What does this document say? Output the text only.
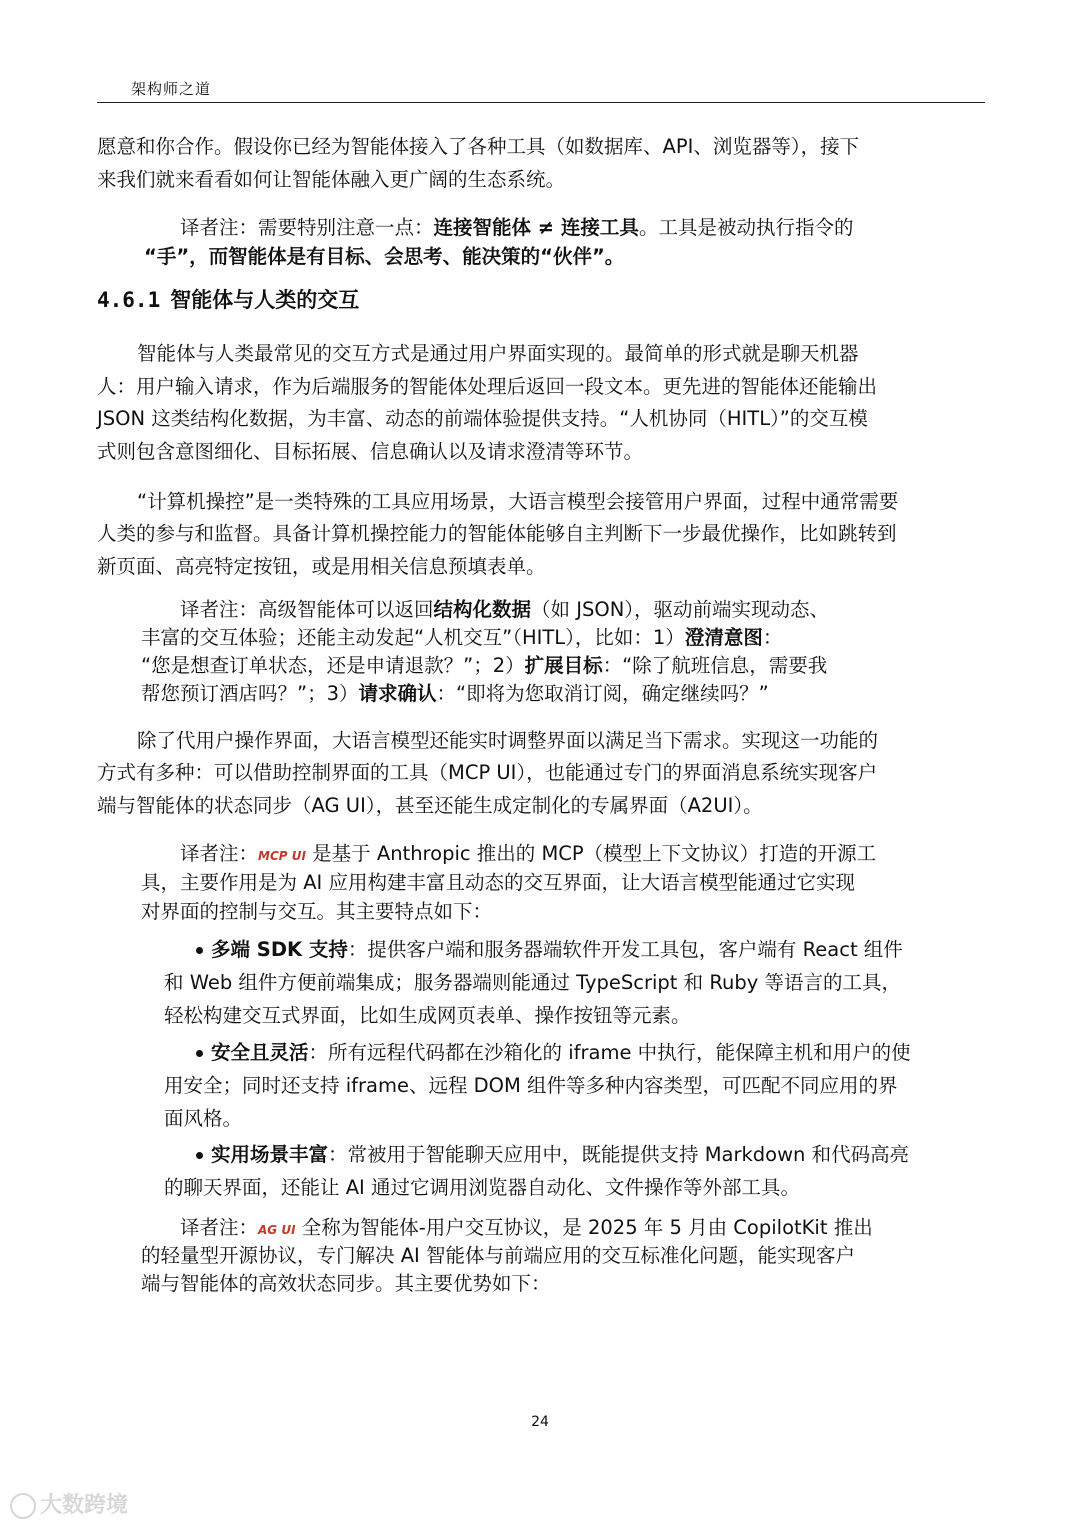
架构师之道
愿意和你合作。假设你已经为智能体接入了各种工具（如数据库、API、浏览器等），接下
来我们就来看看如何让智能体融入更广阔的生态系统。
译者注：需要特别注意一点：连接智能体 ≠ 连接工具。工具是被动执行指令的
“手”，而智能体是有目标、会思考、能决策的“伙伴”。
4.6.1 智能体与人类的交互
智能体与人类最常见的交互方式是通过用户界面实现的。最简单的形式就是聊天机器
人：用户输入请求，作为后端服务的智能体处理后返回一段文本。更先进的智能体还能输出
JSON 这类结构化数据，为丰富、动态的前端体验提供支持。“人机协同（HITL）”的交互模
式则包含意图细化、目标拓展、信息确认以及请求澄清等环节。
“计算机操控”是一类特殊的工具应用场景，大语言模型会接管用户界面，过程中通常需要
人类的参与和监督。具备计算机操控能力的智能体能够自主判断下一步最优操作，比如跳转到
新页面、高亮特定按钮，或是用相关信息预填表单。
译者注：高级智能体可以返回结构化数据（如 JSON），驱动前端实现动态、
丰富的交互体验；还能主动发起“人机交互”（HITL），比如：1）澄清意图：
“您是想查订单状态，还是申请退款？”；2）扩展目标：“除了航班信息，需要我
帮您预订酒店吗？”；3）请求确认：“即将为您取消订阅，确定继续吗？”
除了代用户操作界面，大语言模型还能实时调整界面以满足当下需求。实现这一功能的
方式有多种：可以借助控制界面的工具（MCP UI），也能通过专门的界面消息系统实现客户
端与智能体的状态同步（AG UI），甚至还能生成定制化的专属界面（A2UI）。
译者注：MCP UI 是基于 Anthropic 推出的 MCP（模型上下文协议）打造的开源工
具，主要作用是为 AI 应用构建丰富且动态的交互界面，让大语言模型能通过它实现
对界面的控制与交互。其主要特点如下：
多端 SDK 支持：提供客户端和服务器端软件开发工具包，客户端有 React 组件
和 Web 组件方便前端集成；服务器端则能通过 TypeScript 和 Ruby 等语言的工具，
轻松构建交互式界面，比如生成网页表单、操作按钮等元素。
安全且灵活：所有远程代码都在沙箱化的 iframe 中执行，能保障主机和用户的使
用安全；同时还支持 iframe、远程 DOM 组件等多种内容类型，可匹配不同应用的界
面风格。
实用场景丰富：常被用于智能聊天应用中，既能提供支持 Markdown 和代码高亮
的聊天界面，还能让 AI 通过它调用浏览器自动化、文件操作等外部工具。
译者注：AG UI 全称为智能体-用户交互协议，是 2025 年 5 月由 CopilotKit 推出
的轻量型开源协议，专门解决 AI 智能体与前端应用的交互标准化问题，能实现客户
端与智能体的高效状态同步。其主要优势如下：
24
大数跨境
